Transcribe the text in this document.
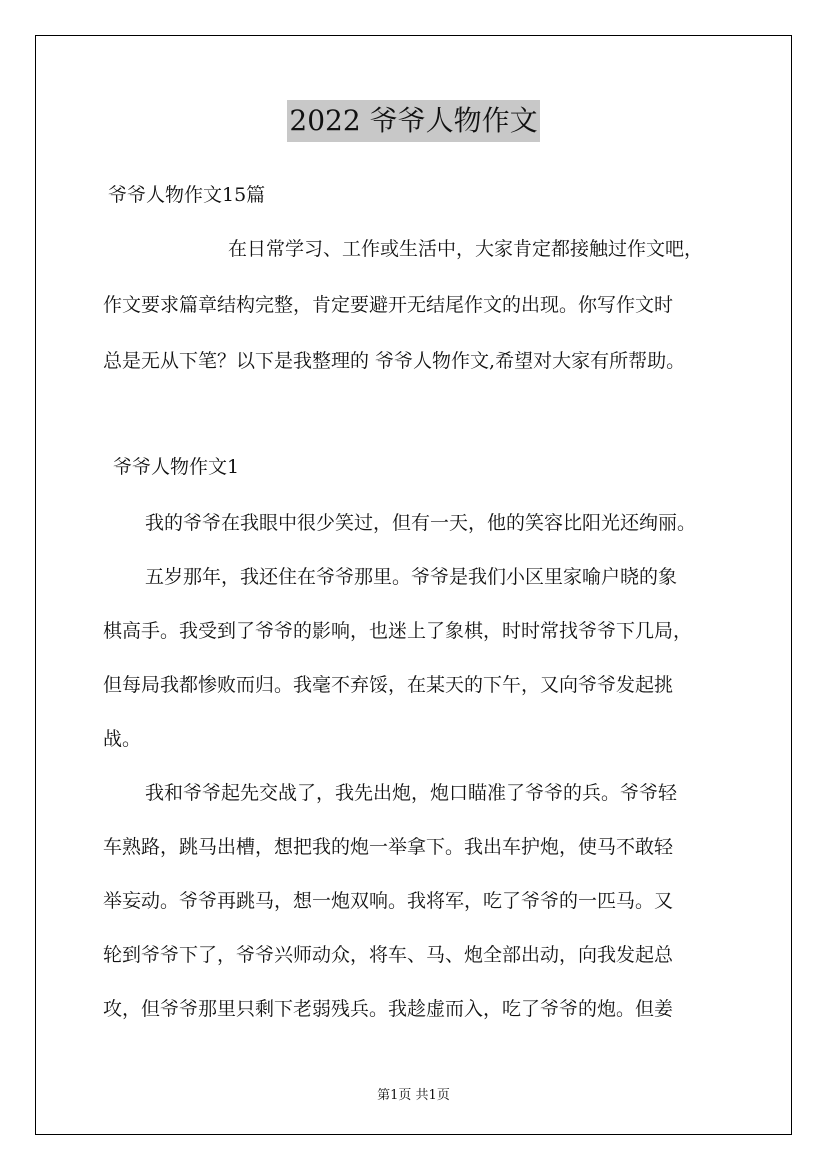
2022 爷爷人物作文
爷爷人物作文15篇
在日常学习、工作或生活中，大家肯定都接触过作文吧，
作文要求篇章结构完整，肯定要避开无结尾作文的出现。你写作文时
总是无从下笔？以下是我整理的 爷爷人物作文,希望对大家有所帮助。
爷爷人物作文1
我的爷爷在我眼中很少笑过，但有一天，他的笑容比阳光还绚丽。
五岁那年，我还住在爷爷那里。爷爷是我们小区里家喻户晓的象
棋高手。我受到了爷爷的影响，也迷上了象棋，时时常找爷爷下几局，
但每局我都惨败而归。我毫不弃馁，在某天的下午，又向爷爷发起挑
战。
我和爷爷起先交战了，我先出炮，炮口瞄准了爷爷的兵。爷爷轻
车熟路，跳马出槽，想把我的炮一举拿下。我出车护炮，使马不敢轻
举妄动。爷爷再跳马，想一炮双响。我将军，吃了爷爷的一匹马。又
轮到爷爷下了，爷爷兴师动众，将车、马、炮全部出动，向我发起总
攻，但爷爷那里只剩下老弱残兵。我趁虚而入，吃了爷爷的炮。但姜
第1页 共1页
